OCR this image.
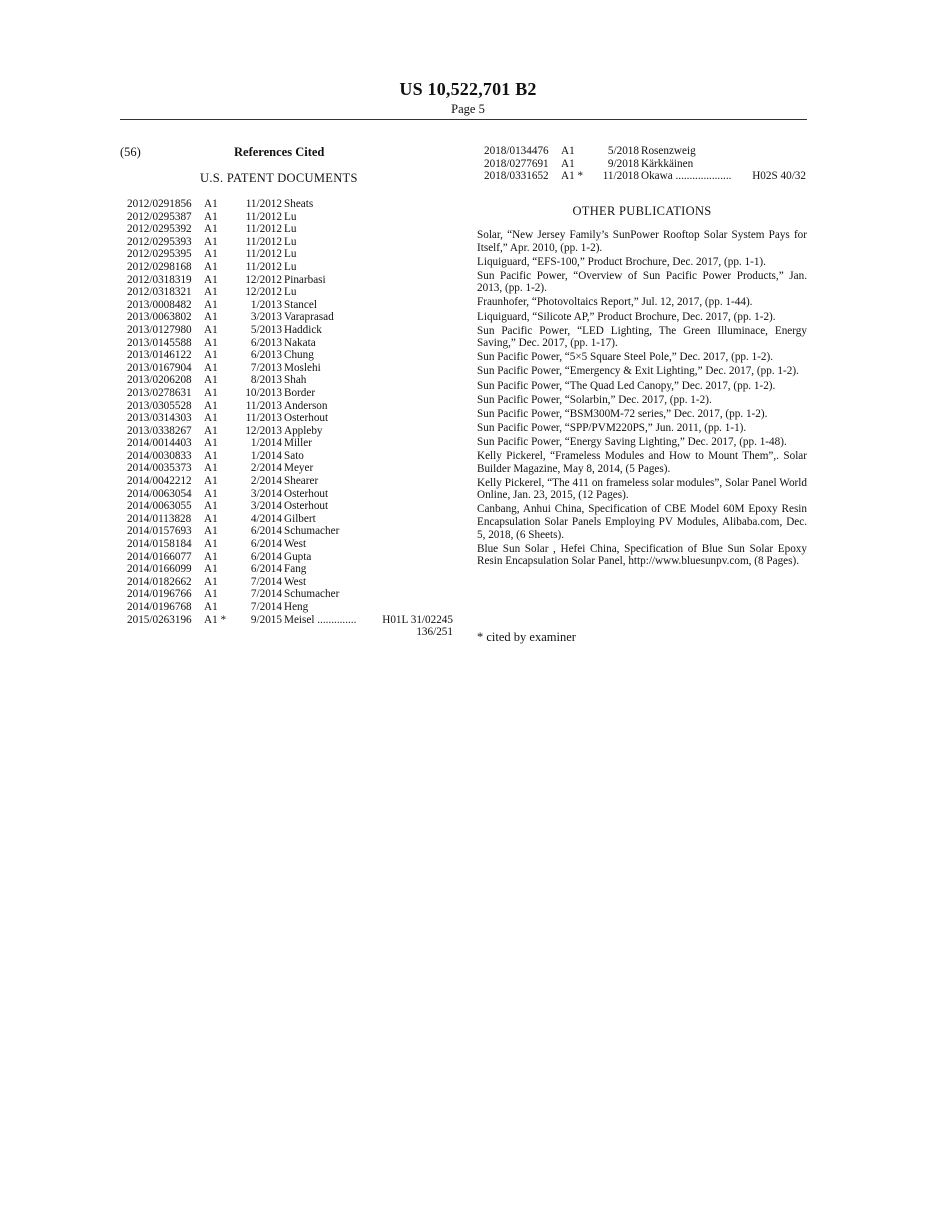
US 10,522,701 B2
Page 5
(56)	References Cited
U.S. PATENT DOCUMENTS
2012/0291856 A1	11/2012 Sheats
2012/0295387 A1	11/2012 Lu
2012/0295392 A1	11/2012 Lu
2012/0295393 A1	11/2012 Lu
2012/0295395 A1	11/2012 Lu
2012/0298168 A1	11/2012 Lu
2012/0318319 A1	12/2012 Pinarbasi
2012/0318321 A1	12/2012 Lu
2013/0008482 A1	1/2013 Stancel
2013/0063802 A1	3/2013 Varaprasad
2013/0127980 A1	5/2013 Haddick
2013/0145588 A1	6/2013 Nakata
2013/0146122 A1	6/2013 Chung
2013/0167904 A1	7/2013 Moslehi
2013/0206208 A1	8/2013 Shah
2013/0278631 A1	10/2013 Border
2013/0305528 A1	11/2013 Anderson
2013/0314303 A1	11/2013 Osterhout
2013/0338267 A1	12/2013 Appleby
2014/0014403 A1	1/2014 Miller
2014/0030833 A1	1/2014 Sato
2014/0035373 A1	2/2014 Meyer
2014/0042212 A1	2/2014 Shearer
2014/0063054 A1	3/2014 Osterhout
2014/0063055 A1	3/2014 Osterhout
2014/0113828 A1	4/2014 Gilbert
2014/0157693 A1	6/2014 Schumacher
2014/0158184 A1	6/2014 West
2014/0166077 A1	6/2014 Gupta
2014/0166099 A1	6/2014 Fang
2014/0182662 A1	7/2014 West
2014/0196766 A1	7/2014 Schumacher
2014/0196768 A1	7/2014 Heng
2015/0263196 A1 *	9/2015 Meisel .............. H01L 31/02245
136/251
2018/0134476 A1	5/2018 Rosenzweig
2018/0277691 A1	9/2018 Kärkkäinen
2018/0331652 A1 *	11/2018 Okawa .................... H02S 40/32
OTHER PUBLICATIONS
Solar, “New Jersey Family’s SunPower Rooftop Solar System Pays for Itself,” Apr. 2010, (pp. 1-2).
Liquiguard, “EFS-100,” Product Brochure, Dec. 2017, (pp. 1-1).
Sun Pacific Power, “Overview of Sun Pacific Power Products,” Jan. 2013, (pp. 1-2).
Fraunhofer, “Photovoltaics Report,” Jul. 12, 2017, (pp. 1-44).
Liquiguard, “Silicote AP,” Product Brochure, Dec. 2017, (pp. 1-2).
Sun Pacific Power, “LED Lighting, The Green Illuminace, Energy Saving,” Dec. 2017, (pp. 1-17).
Sun Pacific Power, “5×5 Square Steel Pole,” Dec. 2017, (pp. 1-2).
Sun Pacific Power, “Emergency & Exit Lighting,” Dec. 2017, (pp. 1-2).
Sun Pacific Power, “The Quad Led Canopy,” Dec. 2017, (pp. 1-2).
Sun Pacific Power, “Solarbin,” Dec. 2017, (pp. 1-2).
Sun Pacific Power, “BSM300M-72 series,” Dec. 2017, (pp. 1-2).
Sun Pacific Power, “SPP/PVM220PS,” Jun. 2011, (pp. 1-1).
Sun Pacific Power, “Energy Saving Lighting,” Dec. 2017, (pp. 1-48).
Kelly Pickerel, “Frameless Modules and How to Mount Them”,. Solar Builder Magazine, May 8, 2014, (5 Pages).
Kelly Pickerel, “The 411 on frameless solar modules”, Solar Panel World Online, Jan. 23, 2015, (12 Pages).
Canbang, Anhui China, Specification of CBE Model 60M Epoxy Resin Encapsulation Solar Panels Employing PV Modules, Alibaba.com, Dec. 5, 2018, (6 Sheets).
Blue Sun Solar , Hefei China, Specification of Blue Sun Solar Epoxy Resin Encapsulation Solar Panel, http://www.bluesunpv.com, (8 Pages).
* cited by examiner
